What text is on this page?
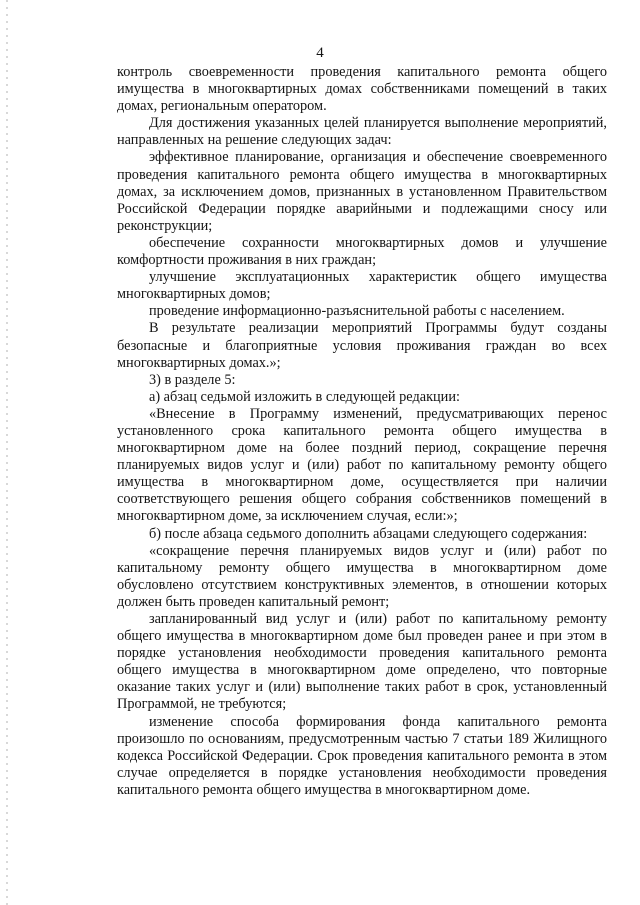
4

контроль своевременности проведения капитального ремонта общего имущества в многоквартирных домах собственниками помещений в таких домах, региональным оператором.

Для достижения указанных целей планируется выполнение мероприятий, направленных на решение следующих задач:

эффективное планирование, организация и обеспечение своевременного проведения капитального ремонта общего имущества в многоквартирных домах, за исключением домов, признанных в установленном Правительством Российской Федерации порядке аварийными и подлежащими сносу или реконструкции;

обеспечение сохранности многоквартирных домов и улучшение комфортности проживания в них граждан;

улучшение эксплуатационных характеристик общего имущества многоквартирных домов;

проведение информационно-разъяснительной работы с населением.

В результате реализации мероприятий Программы будут созданы безопасные и благоприятные условия проживания граждан во всех многоквартирных домах.»;

3) в разделе 5:

а) абзац седьмой изложить в следующей редакции:

«Внесение в Программу изменений, предусматривающих перенос установленного срока капитального ремонта общего имущества в многоквартирном доме на более поздний период, сокращение перечня планируемых видов услуг и (или) работ по капитальному ремонту общего имущества в многоквартирном доме, осуществляется при наличии соответствующего решения общего собрания собственников помещений в многоквартирном доме, за исключением случая, если:»;

б) после абзаца седьмого дополнить абзацами следующего содержания:

«сокращение перечня планируемых видов услуг и (или) работ по капитальному ремонту общего имущества в многоквартирном доме обусловлено отсутствием конструктивных элементов, в отношении которых должен быть проведен капитальный ремонт;

запланированный вид услуг и (или) работ по капитальному ремонту общего имущества в многоквартирном доме был проведен ранее и при этом в порядке установления необходимости проведения капитального ремонта общего имущества в многоквартирном доме определено, что повторные оказание таких услуг и (или) выполнение таких работ в срок, установленный Программой, не требуются;

изменение способа формирования фонда капитального ремонта произошло по основаниям, предусмотренным частью 7 статьи 189 Жилищного кодекса Российской Федерации. Срок проведения капитального ремонта в этом случае определяется в порядке установления необходимости проведения капитального ремонта общего имущества в многоквартирном доме.
